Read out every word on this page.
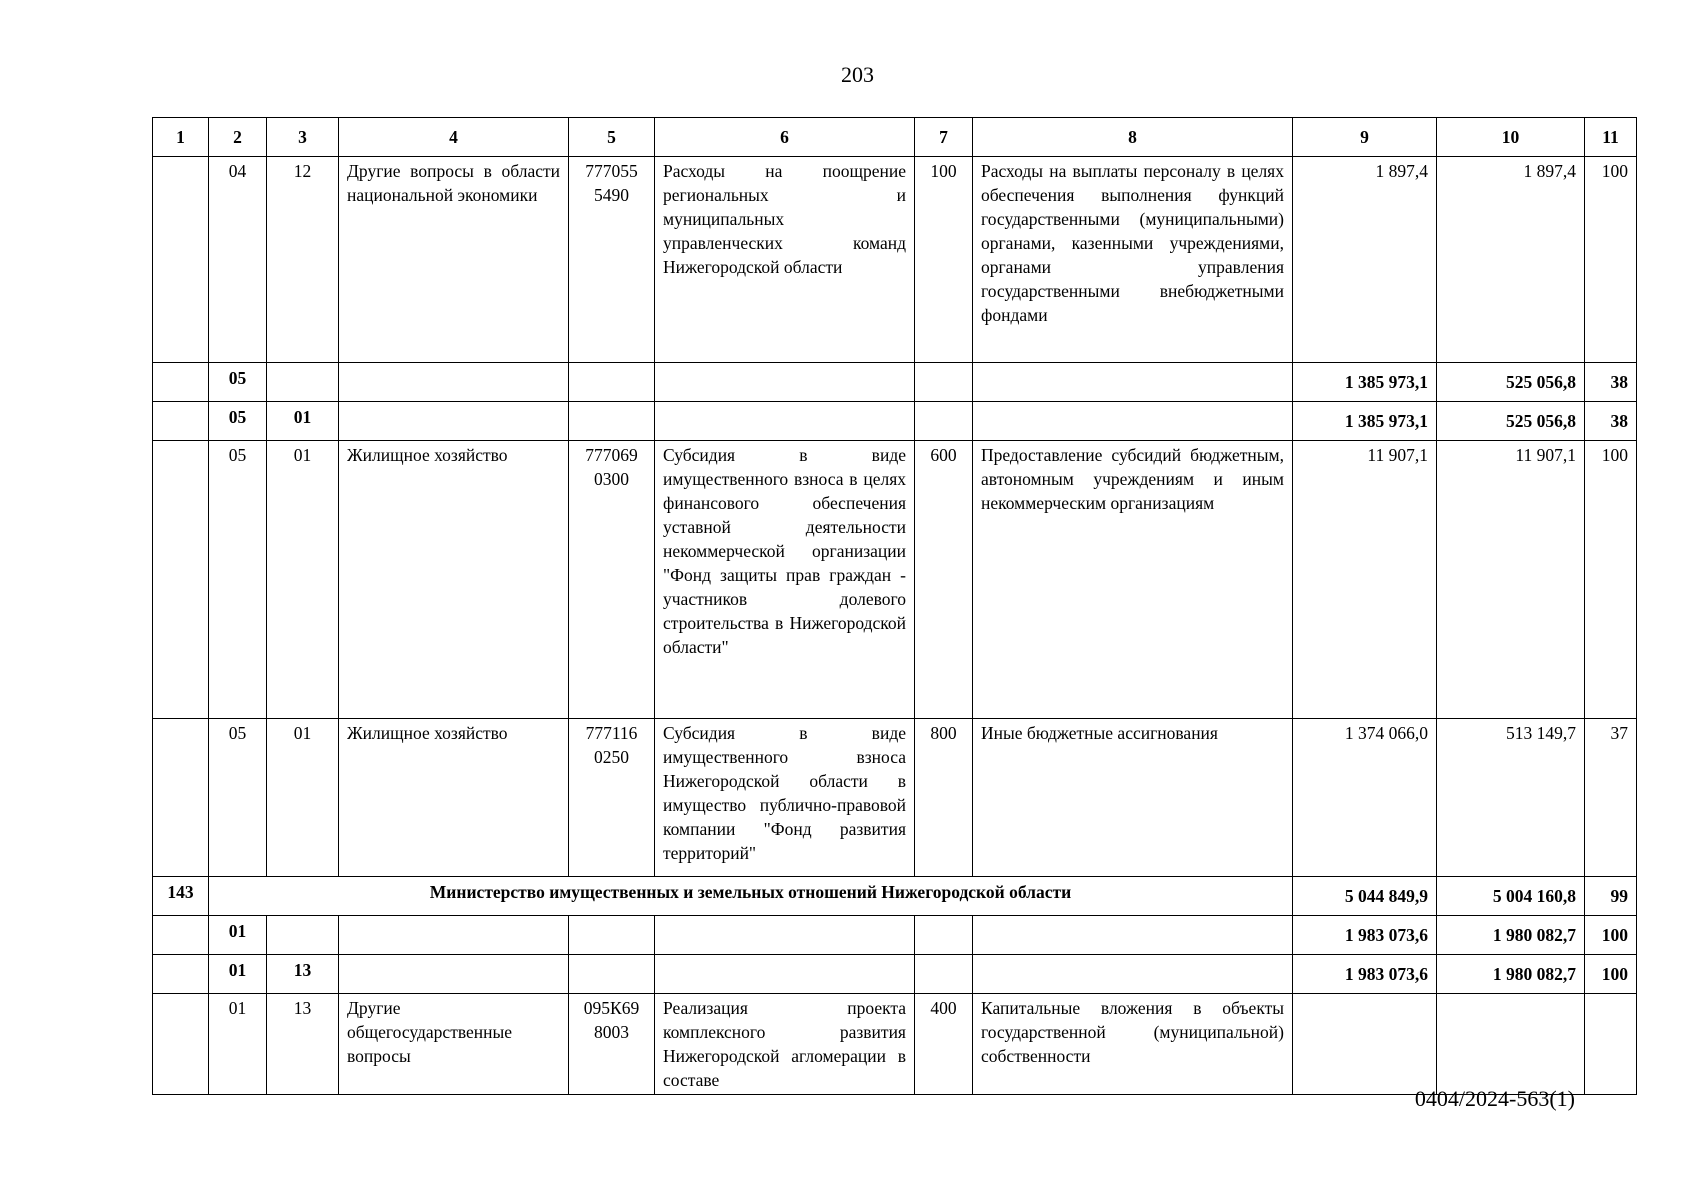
203
1	2	3	4	5	6	7	8	9	10	11
	04	12	Другие вопросы в области национальной экономики	777055 5490	Расходы на поощрение региональных и муниципальных управленческих команд Нижегородской области	100	Расходы на выплаты персоналу в целях обеспечения выполнения функций государственными (муниципальными) органами, казенными учреждениями, органами управления государственными внебюджетными фондами	1 897,4	1 897,4	100
	05							1 385 973,1	525 056,8	38
	05	01						1 385 973,1	525 056,8	38
	05	01	Жилищное хозяйство	777069 0300	Субсидия в виде имущественного взноса в целях финансового обеспечения уставной деятельности некоммерческой организации "Фонд защиты прав граждан - участников долевого строительства в Нижегородской области"	600	Предоставление субсидий бюджетным, автономным учреждениям и иным некоммерческим организациям	11 907,1	11 907,1	100
	05	01	Жилищное хозяйство	777116 0250	Субсидия в виде имущественного взноса Нижегородской области в имущество публично-правовой компании "Фонд развития территорий"	800	Иные бюджетные ассигнования	1 374 066,0	513 149,7	37
143	Министерство имущественных и земельных отношений Нижегородской области							5 044 849,9	5 004 160,8	99
	01							1 983 073,6	1 980 082,7	100
	01	13						1 983 073,6	1 980 082,7	100
	01	13	Другие общегосударственные вопросы	095К69 8003	Реализация проекта комплексного развития Нижегородской агломерации в составе	400	Капитальные вложения в объекты государственной (муниципальной) собственности			
0404/2024-563(1)
